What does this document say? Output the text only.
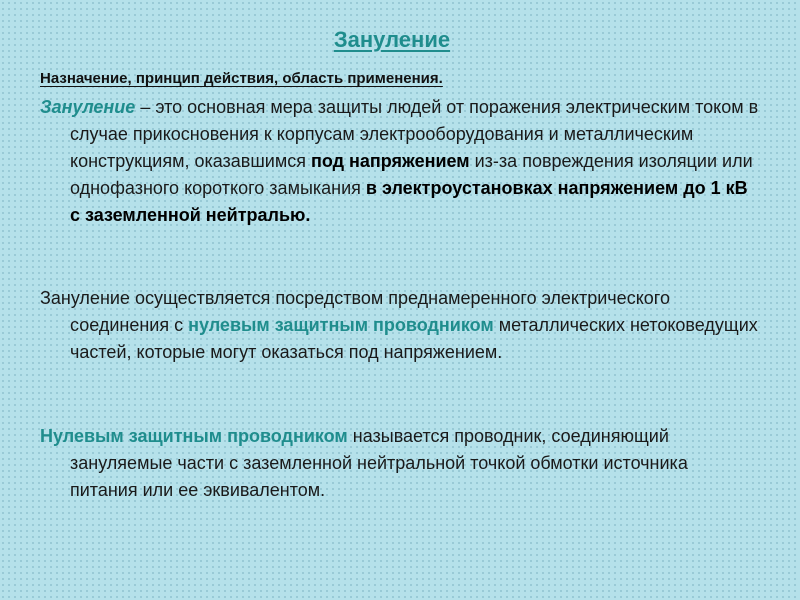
Зануление
Назначение, принцип действия, область применения.
Зануление – это основная мера защиты людей от поражения электрическим током в случае прикосновения к корпусам электрооборудования и металлическим конструкциям, оказавшимся под напряжением из-за повреждения изоляции или однофазного короткого замыкания в электроустановках напряжением до 1 кВ с заземленной нейтралью.
Зануление осуществляется посредством преднамеренного электрического соединения с нулевым защитным проводником металлических нетоковедущих частей, которые могут оказаться под напряжением.
Нулевым защитным проводником называется проводник, соединяющий зануляемые части с заземленной нейтральной точкой обмотки источника питания или ее эквивалентом.
